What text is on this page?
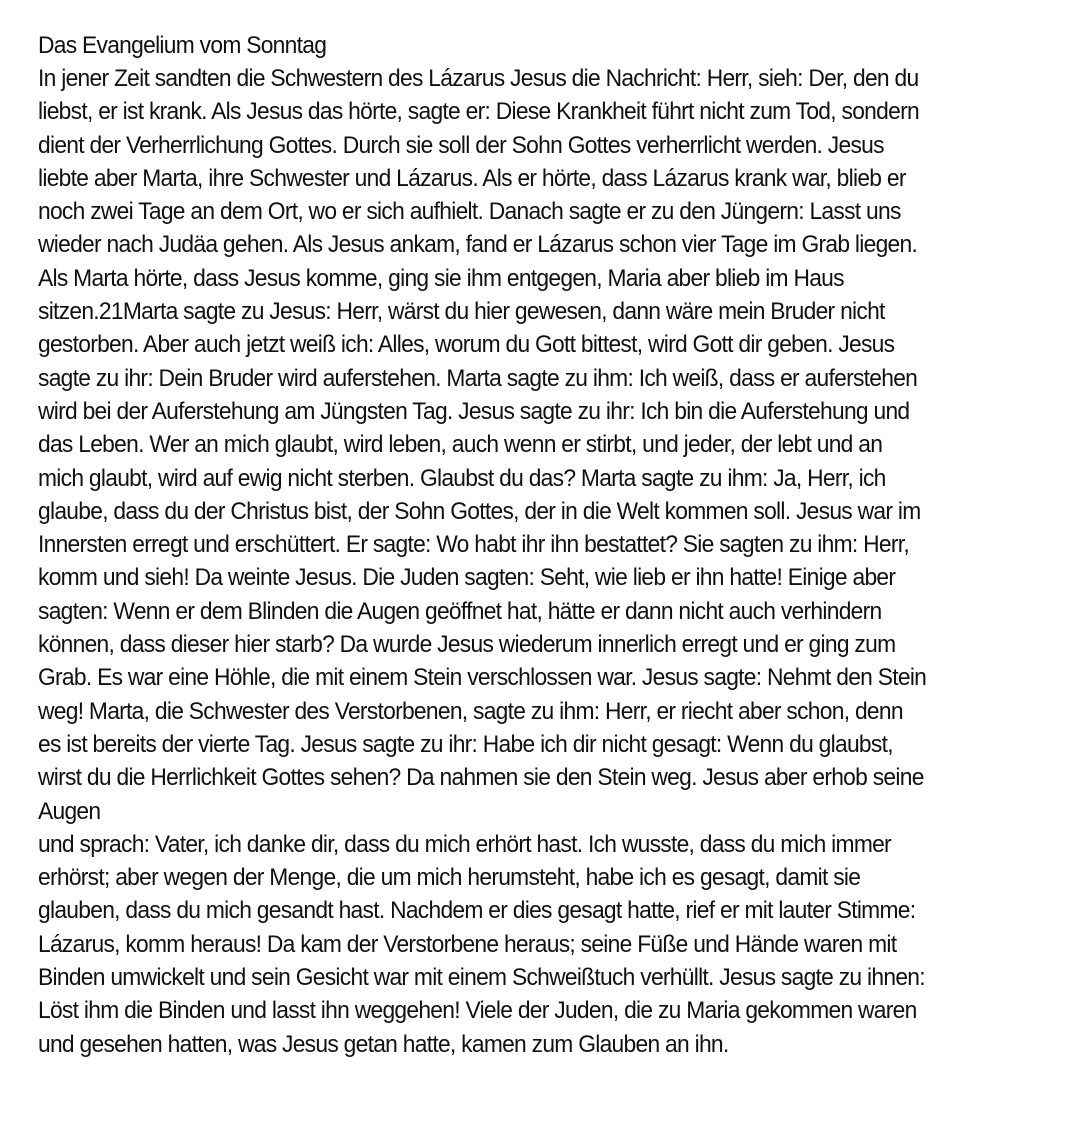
Das Evangelium vom Sonntag
In jener Zeit sandten die Schwestern des Lázarus Jesus die Nachricht: Herr, sieh: Der, den du
liebst, er ist krank. Als Jesus das hörte, sagte er: Diese Krankheit führt nicht zum Tod, sondern
dient der Verherrlichung Gottes. Durch sie soll der Sohn Gottes verherrlicht werden. Jesus
liebte aber Marta, ihre Schwester und Lázarus. Als er hörte, dass Lázarus krank war, blieb er
noch zwei Tage an dem Ort, wo er sich aufhielt. Danach sagte er zu den Jüngern: Lasst uns
wieder nach Judäa gehen. Als Jesus ankam, fand er Lázarus schon vier Tage im Grab liegen.
Als Marta hörte, dass Jesus komme, ging sie ihm entgegen, Maria aber blieb im Haus
sitzen.21Marta sagte zu Jesus: Herr, wärst du hier gewesen, dann wäre mein Bruder nicht
gestorben. Aber auch jetzt weiß ich: Alles, worum du Gott bittest, wird Gott dir geben. Jesus
sagte zu ihr: Dein Bruder wird auferstehen. Marta sagte zu ihm: Ich weiß, dass er auferstehen
wird bei der Auferstehung am Jüngsten Tag. Jesus sagte zu ihr: Ich bin die Auferstehung und
das Leben. Wer an mich glaubt, wird leben, auch wenn er stirbt, und jeder, der lebt und an
mich glaubt, wird auf ewig nicht sterben. Glaubst du das? Marta sagte zu ihm: Ja, Herr, ich
glaube, dass du der Christus bist, der Sohn Gottes, der in die Welt kommen soll. Jesus war im
Innersten erregt und erschüttert. Er sagte: Wo habt ihr ihn bestattet? Sie sagten zu ihm: Herr,
komm und sieh! Da weinte Jesus. Die Juden sagten: Seht, wie lieb er ihn hatte! Einige aber
sagten: Wenn er dem Blinden die Augen geöffnet hat, hätte er dann nicht auch verhindern
können, dass dieser hier starb? Da wurde Jesus wiederum innerlich erregt und er ging zum
Grab. Es war eine Höhle, die mit einem Stein verschlossen war. Jesus sagte: Nehmt den Stein
weg! Marta, die Schwester des Verstorbenen, sagte zu ihm: Herr, er riecht aber schon, denn
es ist bereits der vierte Tag. Jesus sagte zu ihr: Habe ich dir nicht gesagt: Wenn du glaubst,
wirst du die Herrlichkeit Gottes sehen? Da nahmen sie den Stein weg. Jesus aber erhob seine
Augen
und sprach: Vater, ich danke dir, dass du mich erhört hast. Ich wusste, dass du mich immer
erhörst; aber wegen der Menge, die um mich herumsteht, habe ich es gesagt, damit sie
glauben, dass du mich gesandt hast. Nachdem er dies gesagt hatte, rief er mit lauter Stimme:
Lázarus, komm heraus! Da kam der Verstorbene heraus; seine Füße und Hände waren mit
Binden umwickelt und sein Gesicht war mit einem Schweißtuch verhüllt. Jesus sagte zu ihnen:
Löst ihm die Binden und lasst ihn weggehen! Viele der Juden, die zu Maria gekommen waren
und gesehen hatten, was Jesus getan hatte, kamen zum Glauben an ihn.
